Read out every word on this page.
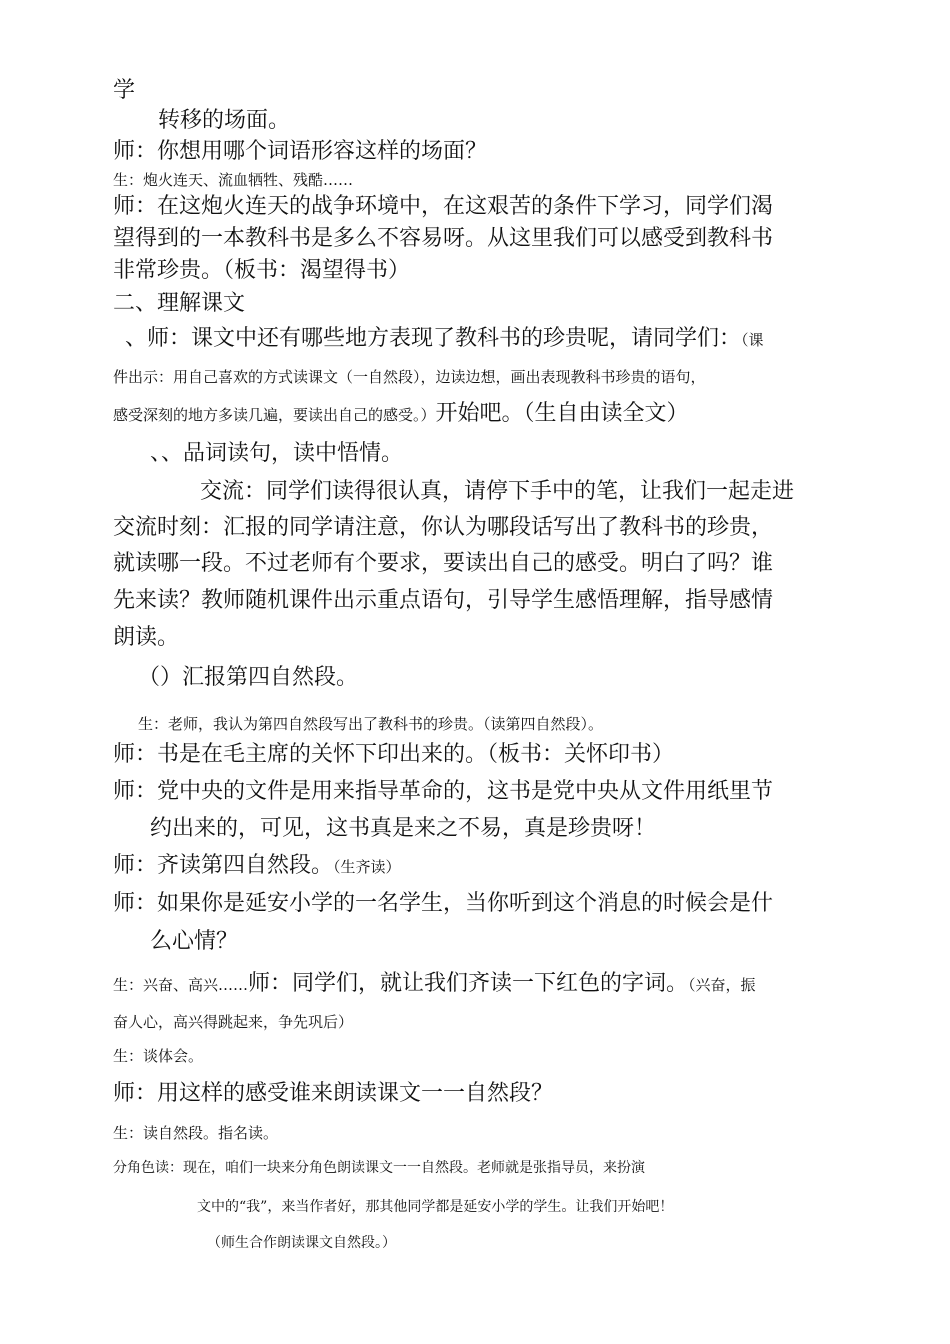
学
转移的场面。
师：你想用哪个词语形容这样的场面？
生：炮火连天、流血牺牲、残酷……
师：在这炮火连天的战争环境中，在这艰苦的条件下学习，同学们渴
望得到的一本教科书是多么不容易呀。从这里我们可以感受到教科书
非常珍贵。（板书：渴望得书）
二、理解课文
、师：课文中还有哪些地方表现了教科书的珍贵呢，请同学们：（课
件出示：用自己喜欢的方式读课文（一自然段），边读边想，画出表现教科书珍贵的语句，
感受深刻的地方多读几遍，要读出自己的感受。）开始吧。（生自由读全文）
、、品词读句，读中悟情。
交流：同学们读得很认真，请停下手中的笔，让我们一起走进
交流时刻：汇报的同学请注意，你认为哪段话写出了教科书的珍贵，
就读哪一段。不过老师有个要求，要读出自己的感受。明白了吗？谁
先来读？教师随机课件出示重点语句，引导学生感悟理解，指导感情
朗读。
（）汇报第四自然段。
生：老师，我认为第四自然段写出了教科书的珍贵。（读第四自然段）。
师：书是在毛主席的关怀下印出来的。（板书：关怀印书）
师：党中央的文件是用来指导革命的，这书是党中央从文件用纸里节
约出来的，可见，这书真是来之不易，真是珍贵呀！
师：齐读第四自然段。（生齐读）
师：如果你是延安小学的一名学生，当你听到这个消息的时候会是什
么心情？
生：兴奋、高兴……师：同学们，就让我们齐读一下红色的字词。（兴奋，振
奋人心，高兴得跳起来，争先巩后）
生：谈体会。
师：用这样的感受谁来朗读课文一一自然段？
生：读自然段。指名读。
分角色读：现在，咱们一块来分角色朗读课文一一自然段。老师就是张指导员，来扮演
文中的“我”，来当作者好，那其他同学都是延安小学的学生。让我们开始吧！
（师生合作朗读课文自然段。）
